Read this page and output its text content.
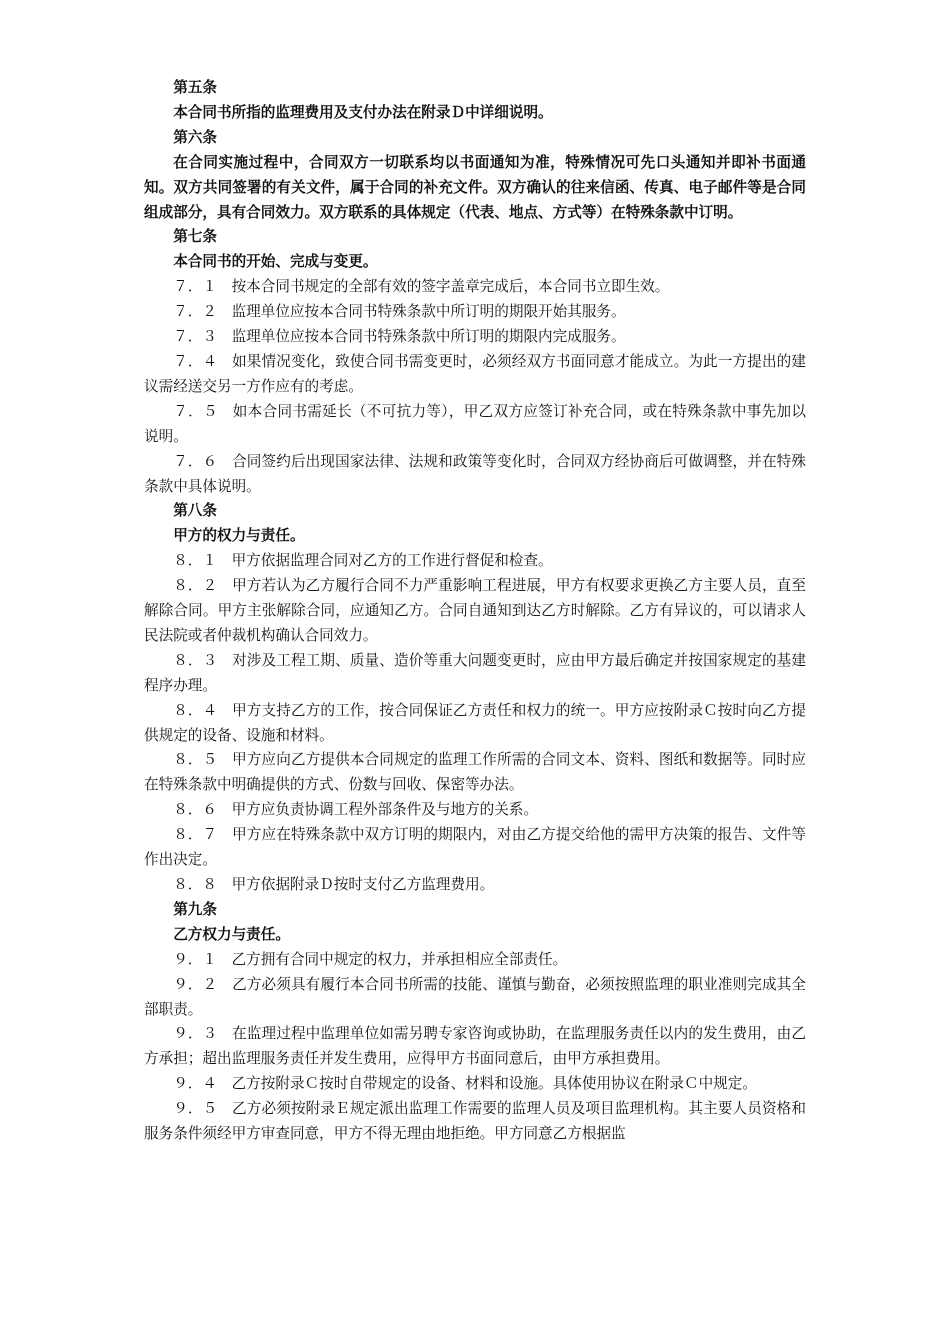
第五条

本合同书所指的监理费用及支付办法在附录Ｄ中详细说明。

第六条

在合同实施过程中，合同双方一切联系均以书面通知为准，特殊情况可先口头通知并即补书面通知。双方共同签署的有关文件，属于合同的补充文件。双方确认的往来信函、传真、电子邮件等是合同组成部分，具有合同效力。双方联系的具体规定（代表、地点、方式等）在特殊条款中订明。

第七条

本合同书的开始、完成与变更。

７．１　按本合同书规定的全部有效的签字盖章完成后，本合同书立即生效。

７．２　监理单位应按本合同书特殊条款中所订明的期限开始其服务。

７．３　监理单位应按本合同书特殊条款中所订明的期限内完成服务。

７．４　如果情况变化，致使合同书需变更时，必须经双方书面同意才能成立。为此一方提出的建议需经送交另一方作应有的考虑。

７．５　如本合同书需延长（不可抗力等），甲乙双方应签订补充合同，或在特殊条款中事先加以说明。

７．６　合同签约后出现国家法律、法规和政策等变化时，合同双方经协商后可做调整，并在特殊条款中具体说明。

第八条

甲方的权力与责任。

８．１　甲方依据监理合同对乙方的工作进行督促和检查。

８．２　甲方若认为乙方履行合同不力严重影响工程进展，甲方有权要求更换乙方主要人员，直至解除合同。甲方主张解除合同，应通知乙方。合同自通知到达乙方时解除。乙方有异议的，可以请求人民法院或者仲裁机构确认合同效力。

８．３　对涉及工程工期、质量、造价等重大问题变更时，应由甲方最后确定并按国家规定的基建程序办理。

８．４　甲方支持乙方的工作，按合同保证乙方责任和权力的统一。甲方应按附录Ｃ按时向乙方提供规定的设备、设施和材料。

８．５　甲方应向乙方提供本合同规定的监理工作所需的合同文本、资料、图纸和数据等。同时应在特殊条款中明确提供的方式、份数与回收、保密等办法。

８．６　甲方应负责协调工程外部条件及与地方的关系。

８．７　甲方应在特殊条款中双方订明的期限内，对由乙方提交给他的需甲方决策的报告、文件等作出决定。

８．８　甲方依据附录Ｄ按时支付乙方监理费用。

第九条

乙方权力与责任。

９．１　乙方拥有合同中规定的权力，并承担相应全部责任。

９．２　乙方必须具有履行本合同书所需的技能、谨慎与勤奋，必须按照监理的职业准则完成其全部职责。

９．３　在监理过程中监理单位如需另聘专家咨询或协助，在监理服务责任以内的发生费用，由乙方承担；超出监理服务责任并发生费用，应得甲方书面同意后，由甲方承担费用。

９．４　乙方按附录Ｃ按时自带规定的设备、材料和设施。具体使用协议在附录Ｃ中规定。

９．５　乙方必须按附录Ｅ规定派出监理工作需要的监理人员及项目监理机构。其主要人员资格和服务条件须经甲方审查同意，甲方不得无理由地拒绝。甲方同意乙方根据监
